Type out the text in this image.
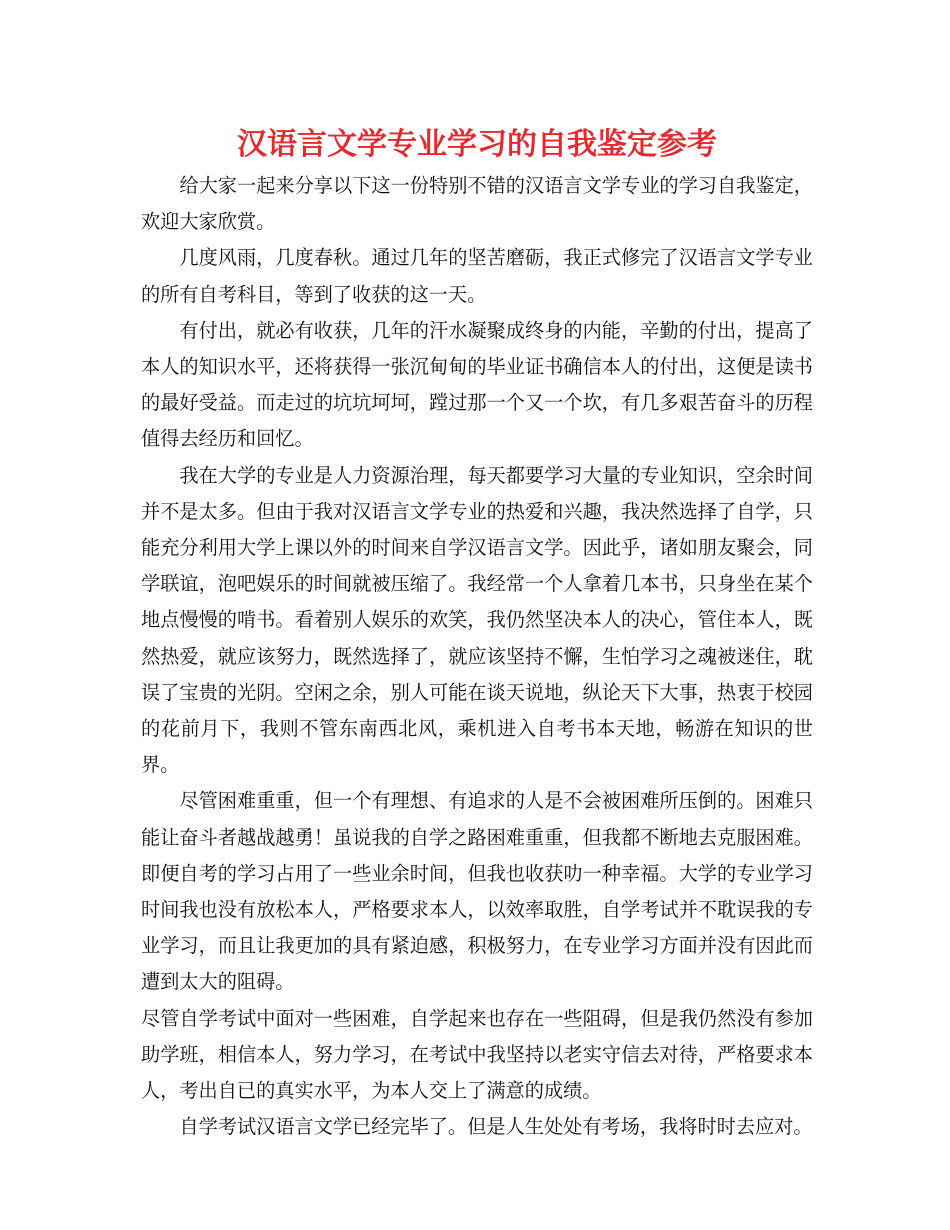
汉语言文学专业学习的自我鉴定参考

给大家一起来分享以下这一份特别不错的汉语言文学专业的学习自我鉴定，欢迎大家欣赏。

几度风雨，几度春秋。通过几年的坚苦磨砺，我正式修完了汉语言文学专业的所有自考科目，等到了收获的这一天。

有付出，就必有收获，几年的汗水凝聚成终身的内能，辛勤的付出，提高了本人的知识水平，还将获得一张沉甸甸的毕业证书确信本人的付出，这便是读书的最好受益。而走过的坑坑坷坷，蹚过那一个又一个坎，有几多艰苦奋斗的历程值得去经历和回忆。

我在大学的专业是人力资源治理，每天都要学习大量的专业知识，空余时间并不是太多。但由于我对汉语言文学专业的热爱和兴趣，我决然选择了自学，只能充分利用大学上课以外的时间来自学汉语言文学。因此乎，诸如朋友聚会，同学联谊，泡吧娱乐的时间就被压缩了。我经常一个人拿着几本书，只身坐在某个地点慢慢的啃书。看着别人娱乐的欢笑，我仍然坚决本人的决心，管住本人，既然热爱，就应该努力，既然选择了，就应该坚持不懈，生怕学习之魂被迷住，耽误了宝贵的光阴。空闲之余，别人可能在谈天说地，纵论天下大事，热衷于校园的花前月下，我则不管东南西北风，乘机进入自考书本天地，畅游在知识的世界。

尽管困难重重，但一个有理想、有追求的人是不会被困难所压倒的。困难只能让奋斗者越战越勇！虽说我的自学之路困难重重，但我都不断地去克服困难。即便自考的学习占用了一些业余时间，但我也收获叻一种幸福。大学的专业学习时间我也没有放松本人，严格要求本人，以效率取胜，自学考试并不耽误我的专业学习，而且让我更加的具有紧迫感，积极努力，在专业学习方面并没有因此而遭到太大的阻碍。

尽管自学考试中面对一些困难，自学起来也存在一些阻碍，但是我仍然没有参加助学班，相信本人，努力学习，在考试中我坚持以老实守信去对待，严格要求本人，考出自已的真实水平，为本人交上了满意的成绩。

自学考试汉语言文学已经完毕了。但是人生处处有考场，我将时时去应对。
